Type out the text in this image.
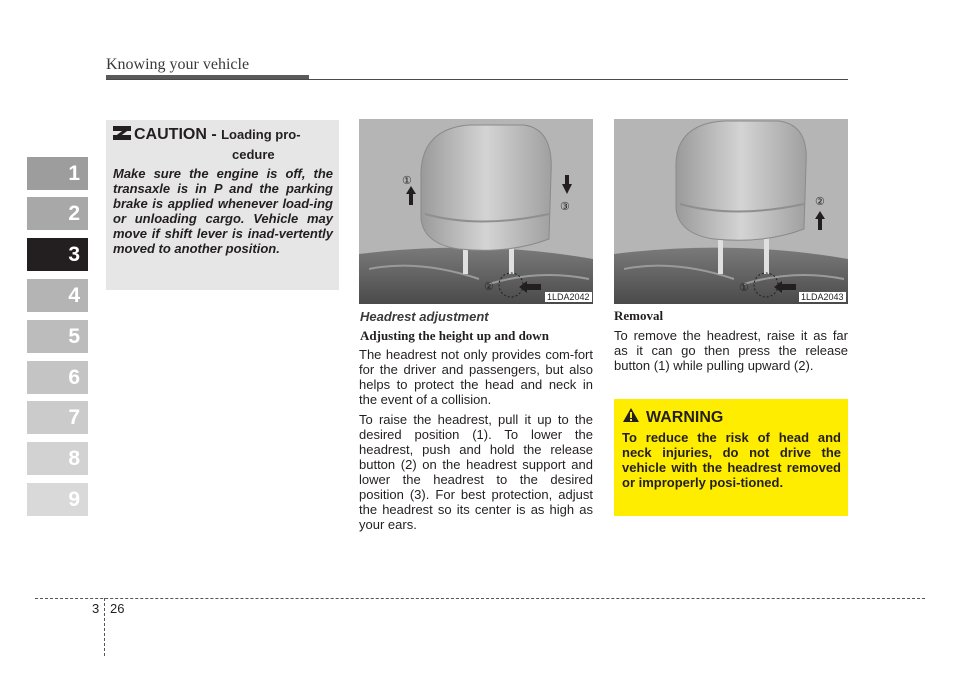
Knowing your vehicle
1
2
3
4
5
6
7
8
9
CAUTION - Loading pro-
cedure
Make sure the engine is off, the transaxle is in P and the parking brake is applied whenever load-ing or unloading cargo. Vehicle may move if shift lever is inad-vertently moved to another position.
①
②
③
1LDA2042
Headrest adjustment
Adjusting the height up and down
The headrest not only provides com-fort for the driver and passengers, but also helps to protect the head and neck in the event of a collision.
To raise the headrest, pull it up to the desired position (1). To lower the headrest, push and hold the release button (2) on the headrest support and lower the headrest to the desired position (3). For best protection, adjust the headrest so its center is as high as your ears.
②
①
1LDA2043
Removal
To remove the headrest, raise it as far as it can go then press the release button (1) while pulling upward (2).
WARNING
To reduce the risk of head and neck injuries, do not drive the vehicle with the headrest removed or improperly posi-tioned.
3 26
